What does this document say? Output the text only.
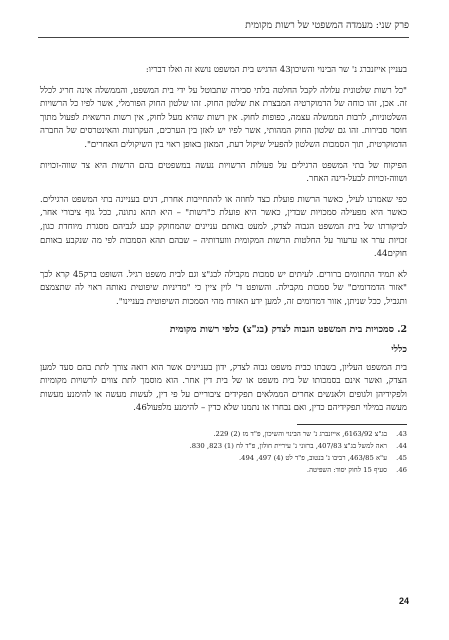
פרק שני: מעמדה המשפטי של רשות מקומית

בעניין אייזנברג נ' שר הבינוי והשיכון43 הדגיש בית המשפט נושא זה ואלו דבריו:

"כל רשות שלטונית עלולה לקבל החלטה בלתי סבירה שתבוטל על ידי בית המשפט, והממשלה אינה חריג לכלל זה. אכן, זהו כוחה של הדמוקרטיה המבצרת את שלטון החוק. זהו שלטון החוק הפורמלי, אשר לפיו כל הרשויות השלטוניות, לרבות הממשלה עצמה, כפופות לחוק. אין רשות שהיא מעל לחוק, אין רשות הרשאית לפעול מתוך חוסר סבירות. זהו גם שלטון החוק המהותי, אשר לפיו יש לאזן בין הערכים, העקרונות והאינטרסים של החברה הדמוקרטית, תוך הסמכות השלטון להפעיל שיקול דעת, המאזן באופן ראוי בין השיקולים האחרים".

הפיקוח של בתי המשפט הרגילים על פעולות הרשויות נעשה במשפטים בהם הרשות היא צד שווה-זכויות ושווה-זכויות לבעל-דינה האחר.

כפי שאמרנו לעיל, כאשר הרשות פועלת כצד לחוזה או להתחייבות אחרת, דנים בעניינה בתי המשפט הרגילים. כאשר היא מפעילה סמכויות שבדין, כאשר היא פועלת כ"רשות" – היא תהא נתונה, ככל גוף ציבורי אחר, לביקורתו של בית המשפט הגבוה לצדק, למעט באותם עניינים שהמחוקק קבע לגביהם מסגרת מיוחדת כגון, זכויות ערר או ערעור על החלטות הרשות המקומית ווועדותיה – שבהם תהא הסמכות לפי מה שנקבע באותם חוקים44.

לא תמיד התחומים ברורים. לעיתים יש סמכות מקבילה לבג"צ וגם לבית משפט רגיל. השופט ברק45 קרא לכך "אזור הדמדומים" של סמכות מקבילה. והשופט ד' לוין ציין כי "מדיניות שיפוטית נאותה ראוי לה שתצמצם ותגביל, ככל שניתן, אזור דמדומים זה, למען ידע האזרח מהי הסמכות השיפוטית בעניינו".

2. סמכויות בית המשפט הגבוה לצדק (בג"צ) כלפי רשות מקומית
כללי

בית המשפט העליון, בשבתו כבית משפט גבוה לצדק, ידון בעניינים אשר הוא רואה צורך לתת בהם סעד למען הצדק, ואשר אינם בסמכותו של בית משפט או של בית דין אחר. הוא מוסמך לתת צווים לרשויות מקומיות ולפקידיהן ולגופים ולאנשים אחרים הממלאים תפקידים ציבוריים על פי דין, לעשות מעשה או להימנע מעשות מעשה במילוי תפקידיהם כדין, ואם נבחרו או נתמנו שלא כדין – להימנע מלפעול46.

43.
בג"צ 6163/92, אייזנברג נ' שר הבינוי והשיכון, פ"ד מז (2) 229.
44.
ראה למשל בג"צ 407/83, ברזוני נ' עיריית חולון, פ"ד לח (1) 823, 830.
45.
ע"א 463/85, רביבו נ' בנטוב, פ"ד לט (4) 497, 494.
46.
סעיף 15 לחוק יסוד: השפיטה.
24
